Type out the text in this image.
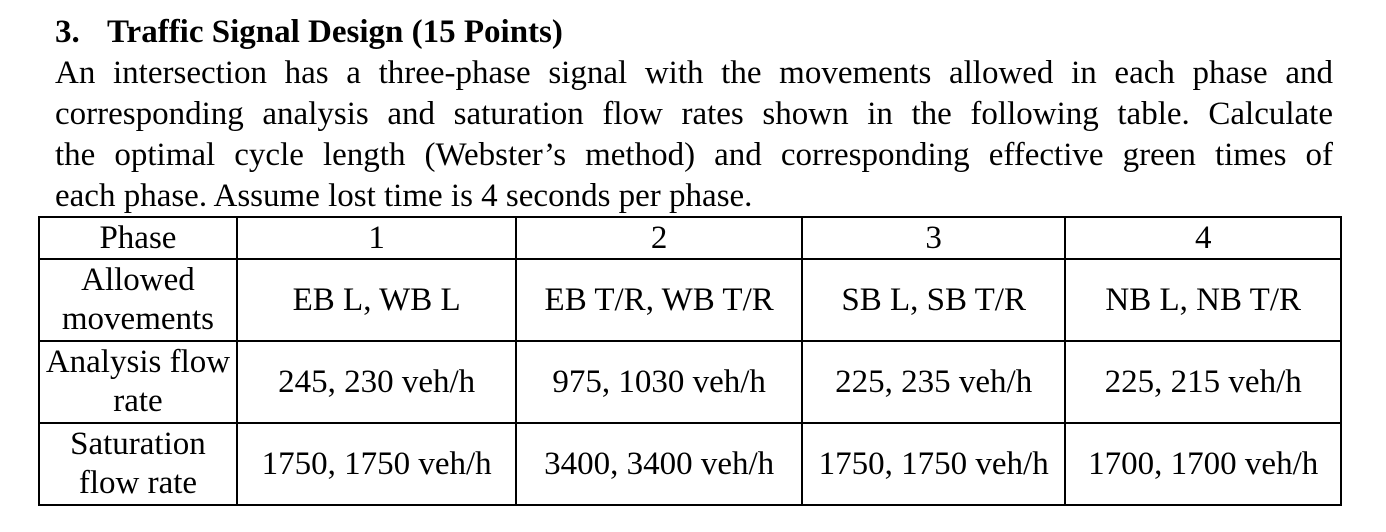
3. Traffic Signal Design (15 Points)
An intersection has a three-phase signal with the movements allowed in each phase and
corresponding analysis and saturation flow rates shown in the following table. Calculate
the optimal cycle length (Webster’s method) and corresponding effective green times of
each phase. Assume lost time is 4 seconds per phase.
Phase	1	2	3	4
Allowed movements	EB L, WB L	EB T/R, WB T/R	SB L, SB T/R	NB L, NB T/R
Analysis flow rate	245, 230 veh/h	975, 1030 veh/h	225, 235 veh/h	225, 215 veh/h
Saturation flow rate	1750, 1750 veh/h	3400, 3400 veh/h	1750, 1750 veh/h	1700, 1700 veh/h
